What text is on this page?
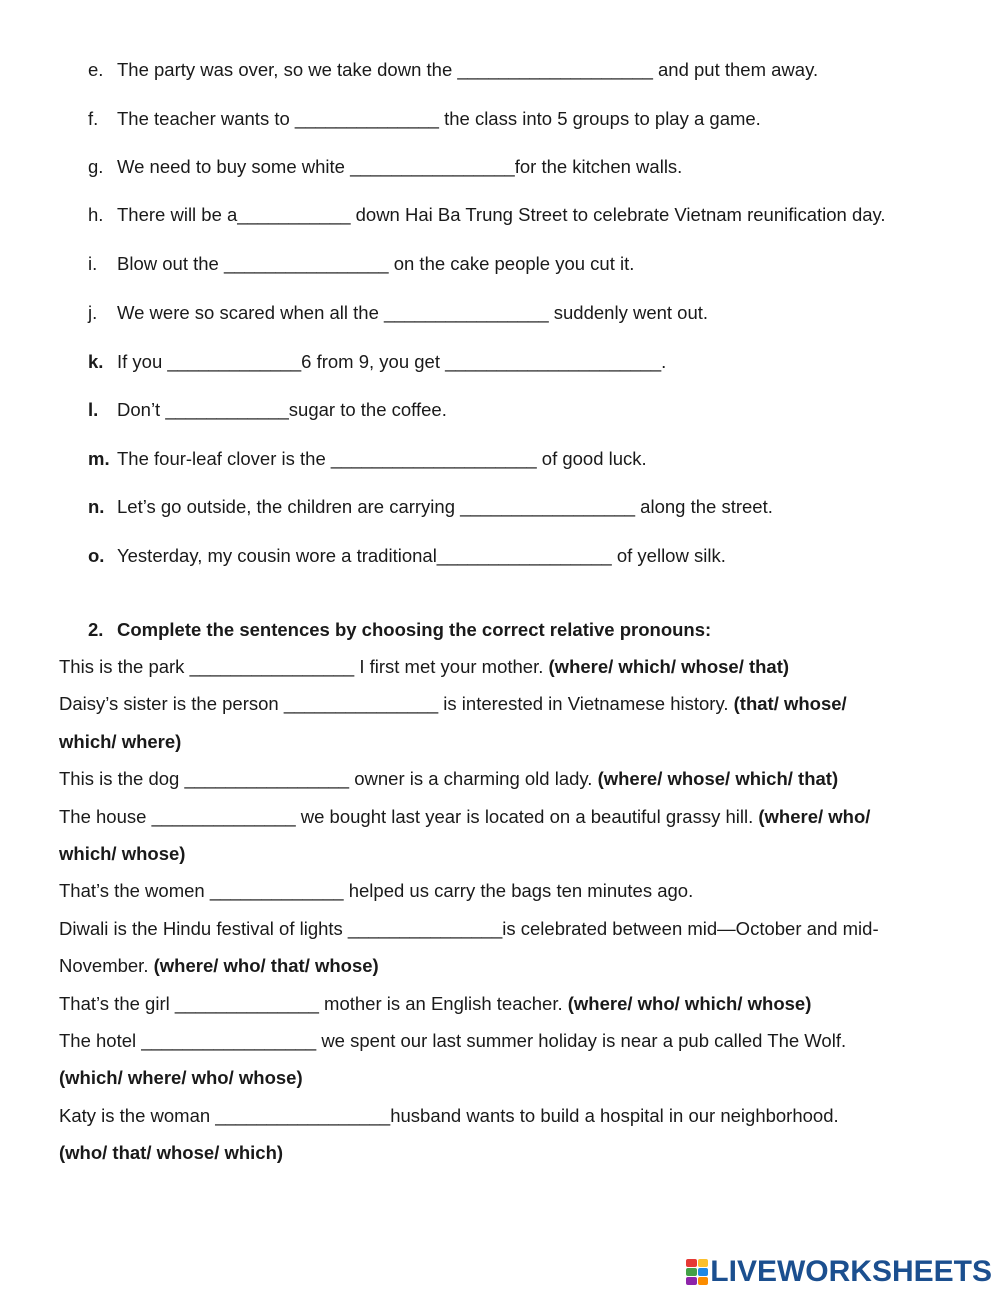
e. The party was over, so we take down the ___________________ and put them away.
f. The teacher wants to ______________ the class into 5 groups to play a game.
g. We need to buy some white ________________for the kitchen walls.
h. There will be a___________ down Hai Ba Trung Street to celebrate Vietnam reunification day.
i. Blow out the ________________ on the cake people you cut it.
j. We were so scared when all the ________________ suddenly went out.
k. If you _____________6 from 9, you get _____________________.
l. Don’t ____________sugar to the coffee.
m. The four-leaf clover is the ____________________ of good luck.
n. Let’s go outside, the children are carrying _________________ along the street.
o. Yesterday, my cousin wore a traditional_________________ of yellow silk.
2. Complete the sentences by choosing the correct relative pronouns:
This is the park ________________ I first met your mother. (where/ which/ whose/ that)
Daisy’s sister is the person _______________ is interested in Vietnamese history. (that/ whose/
which/ where)
This is the dog ________________ owner is a charming old lady. (where/ whose/ which/ that)
The house ______________ we bought last year is located on a beautiful grassy hill. (where/ who/
which/ whose)
That’s the women _____________ helped us carry the bags ten minutes ago.
Diwali is the Hindu festival of lights _______________is celebrated between mid—October and mid-
November. (where/ who/ that/ whose)
That’s the girl ______________ mother is an English teacher. (where/ who/ which/ whose)
The hotel _________________ we spent our last summer holiday is near a pub called The Wolf.
(which/ where/ who/ whose)
Katy is the woman _________________husband wants to build a hospital in our neighborhood.
(who/ that/ whose/ which)
LIVEWORKSHEETS
